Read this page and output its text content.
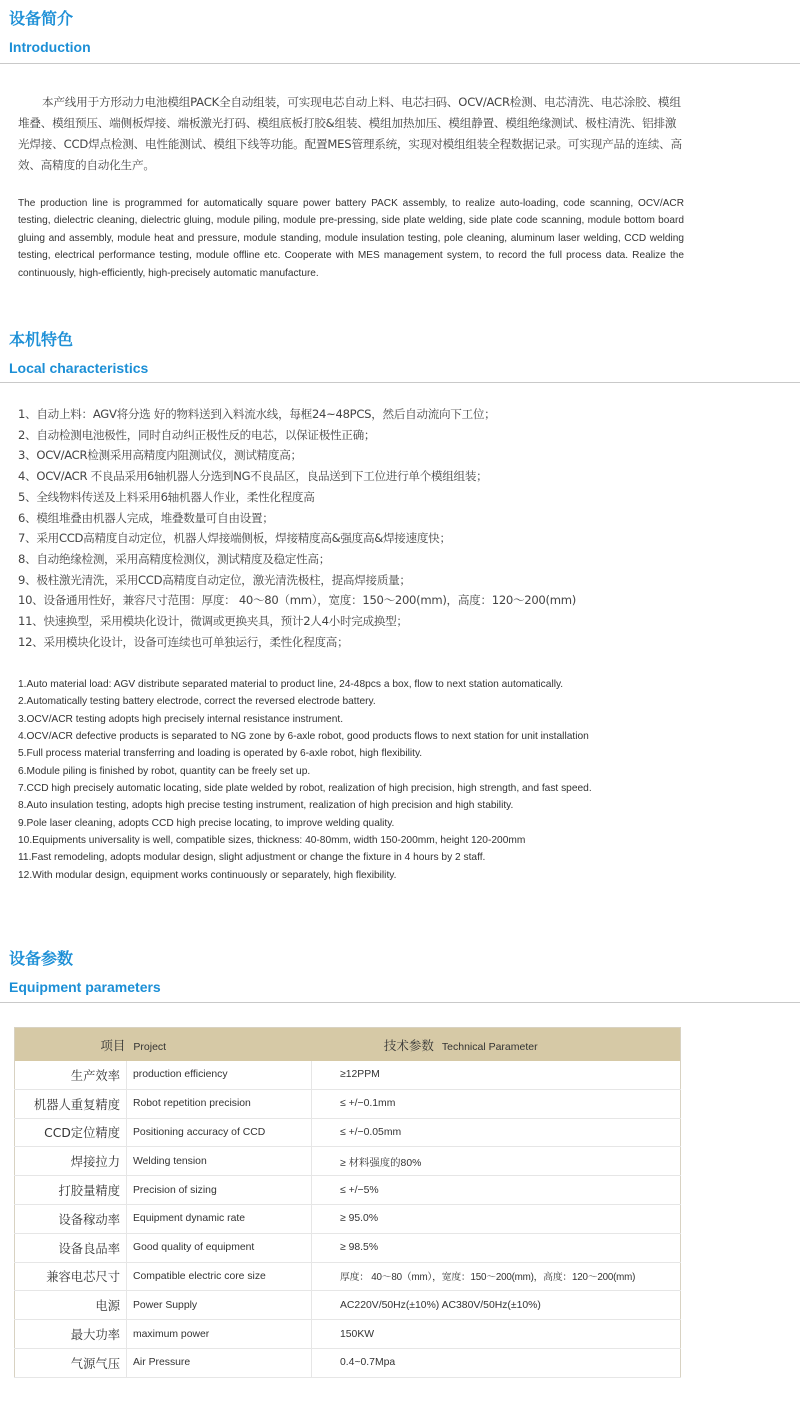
设备简介
Introduction

本产线用于方形动力电池模组PACK全自动组装，可实现电芯自动上料、电芯扫码、OCV/ACR检测、电芯清洗、电芯涂胶、模组堆叠、模组预压、端侧板焊接、端板激光打码、模组底板打胶&组装、模组加热加压、模组静置、模组绝缘测试、极柱清洗、铝排激光焊接、CCD焊点检测、电性能测试、模组下线等功能。配置MES管理系统，实现对模组组装全程数据记录。可实现产品的连续、高效、高精度的自动化生产。

The production line is programmed for automatically square power battery PACK assembly, to realize auto-loading, code scanning, OCV/ACR testing, dielectric cleaning, dielectric gluing, module piling, module pre-pressing, side plate welding, side plate code scanning, module bottom board gluing and assembly, module heat and pressure, module standing, module insulation testing, pole cleaning, aluminum laser welding, CCD welding testing, electrical performance testing, module offline etc. Cooperate with MES management system, to record the full process data. Realize the continuously, high-efficiently, high-precisely automatic manufacture.

本机特色
Local characteristics
1、自动上料：AGV将分选 好的物料送到入料流水线，每框24~48PCS，然后自动流向下工位；
2、自动检测电池极性，同时自动纠正极性反的电芯，以保证极性正确；
3、OCV/ACR检测采用高精度内阻测试仪，测试精度高；
4、OCV/ACR 不良品采用6轴机器人分选到NG不良品区，良品送到下工位进行单个模组组装；
5、全线物料传送及上料采用6轴机器人作业，柔性化程度高
6、模组堆叠由机器人完成，堆叠数量可自由设置；
7、采用CCD高精度自动定位，机器人焊接端侧板，焊接精度高&强度高&焊接速度快；
8、自动绝缘检测，采用高精度检测仪，测试精度及稳定性高；
9、极柱激光清洗，采用CCD高精度自动定位，激光清洗极柱，提高焊接质量；
10、设备通用性好，兼容尺寸范围：厚度： 40～80（mm），宽度：150～200(mm)，高度：120～200(mm)
11、快速换型，采用模块化设计，微调或更换夹具，预计2人4小时完成换型；
12、采用模块化设计，设备可连续也可单独运行，柔性化程度高；
1.Auto material load: AGV distribute separated material to product line, 24-48pcs a box, flow to next station automatically.
2.Automatically testing battery electrode, correct the reversed electrode battery.
3.OCV/ACR testing adopts high precisely internal resistance instrument.
4.OCV/ACR defective products is separated to NG zone by 6-axle robot, good products flows to next station for unit installation
5.Full process material transferring and loading is operated by 6-axle robot, high flexibility.
6.Module piling is finished by robot, quantity can be freely set up.
7.CCD high precisely automatic locating, side plate welded by robot, realization of high precision, high strength, and fast speed.
8.Auto insulation testing, adopts high precise testing instrument, realization of high precision and high stability.
9.Pole laser cleaning, adopts CCD high precise locating, to improve welding quality.
10.Equipments universality is well, compatible sizes, thickness: 40-80mm, width 150-200mm, height 120-200mm
11.Fast remodeling, adopts modular design, slight adjustment or change the fixture in 4 hours by 2 staff.
12.With modular design, equipment works continuously or separately, high flexibility.
设备参数
Equipment parameters
项目 Project		技术参数 Technical Parameter
生产效率	production efficiency	≥12PPM
机器人重复精度	Robot repetition precision	≤ +/−0.1mm
CCD定位精度	Positioning accuracy of CCD	≤ +/−0.05mm
焊接拉力	Welding tension	≥ 材料强度的80%
打胶量精度	Precision of sizing	≤ +/−5%
设备稼动率	Equipment dynamic rate	≥ 95.0%
设备良品率	Good quality of equipment	≥ 98.5%
兼容电芯尺寸	Compatible electric core size	厚度： 40～80（mm），宽度：150～200(mm)，高度：120～200(mm)
电源	Power Supply	AC220V/50Hz(±10%) AC380V/50Hz(±10%)
最大功率	maximum power	150KW
气源气压	Air Pressure	0.4~0.7Mpa
